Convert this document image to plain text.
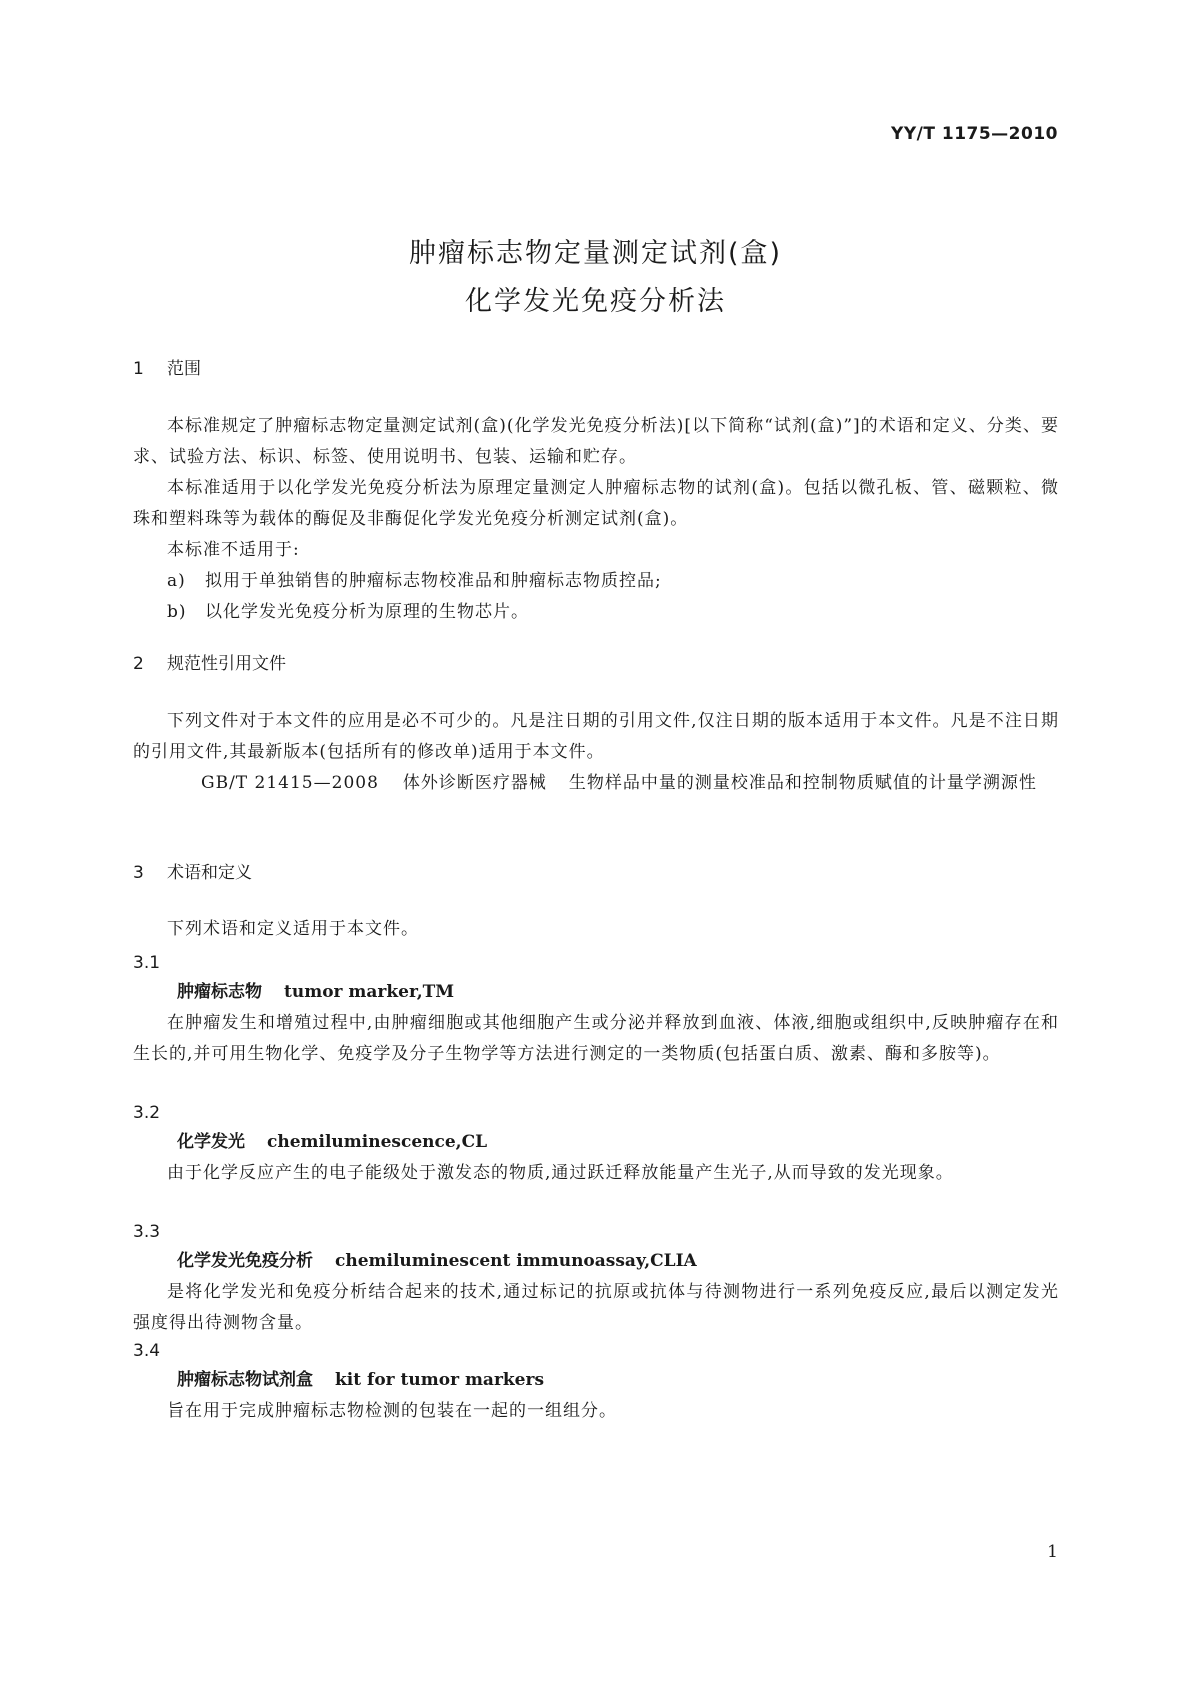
YY/T 1175—2010
肿瘤标志物定量测定试剂(盒)
化学发光免疫分析法
1 范围
本标准规定了肿瘤标志物定量测定试剂(盒)(化学发光免疫分析法)[以下简称“试剂(盒)”]的术语和定义、分类、要求、试验方法、标识、标签、使用说明书、包装、运输和贮存。
本标准适用于以化学发光免疫分析法为原理定量测定人肿瘤标志物的试剂(盒)。包括以微孔板、管、磁颗粒、微珠和塑料珠等为载体的酶促及非酶促化学发光免疫分析测定试剂(盒)。
本标准不适用于:
a) 拟用于单独销售的肿瘤标志物校准品和肿瘤标志物质控品;
b) 以化学发光免疫分析为原理的生物芯片。
2 规范性引用文件
下列文件对于本文件的应用是必不可少的。凡是注日期的引用文件,仅注日期的版本适用于本文件。凡是不注日期的引用文件,其最新版本(包括所有的修改单)适用于本文件。
GB/T 21415—2008 体外诊断医疗器械 生物样品中量的测量校准品和控制物质赋值的计量学溯源性
3 术语和定义
下列术语和定义适用于本文件。
3.1
肿瘤标志物 tumor marker,TM
在肿瘤发生和增殖过程中,由肿瘤细胞或其他细胞产生或分泌并释放到血液、体液,细胞或组织中,反映肿瘤存在和生长的,并可用生物化学、免疫学及分子生物学等方法进行测定的一类物质(包括蛋白质、激素、酶和多胺等)。
3.2
化学发光 chemiluminescence,CL
由于化学反应产生的电子能级处于激发态的物质,通过跃迁释放能量产生光子,从而导致的发光现象。
3.3
化学发光免疫分析 chemiluminescent immunoassay,CLIA
是将化学发光和免疫分析结合起来的技术,通过标记的抗原或抗体与待测物进行一系列免疫反应,最后以测定发光强度得出待测物含量。
3.4
肿瘤标志物试剂盒 kit for tumor markers
旨在用于完成肿瘤标志物检测的包装在一起的一组组分。
1
